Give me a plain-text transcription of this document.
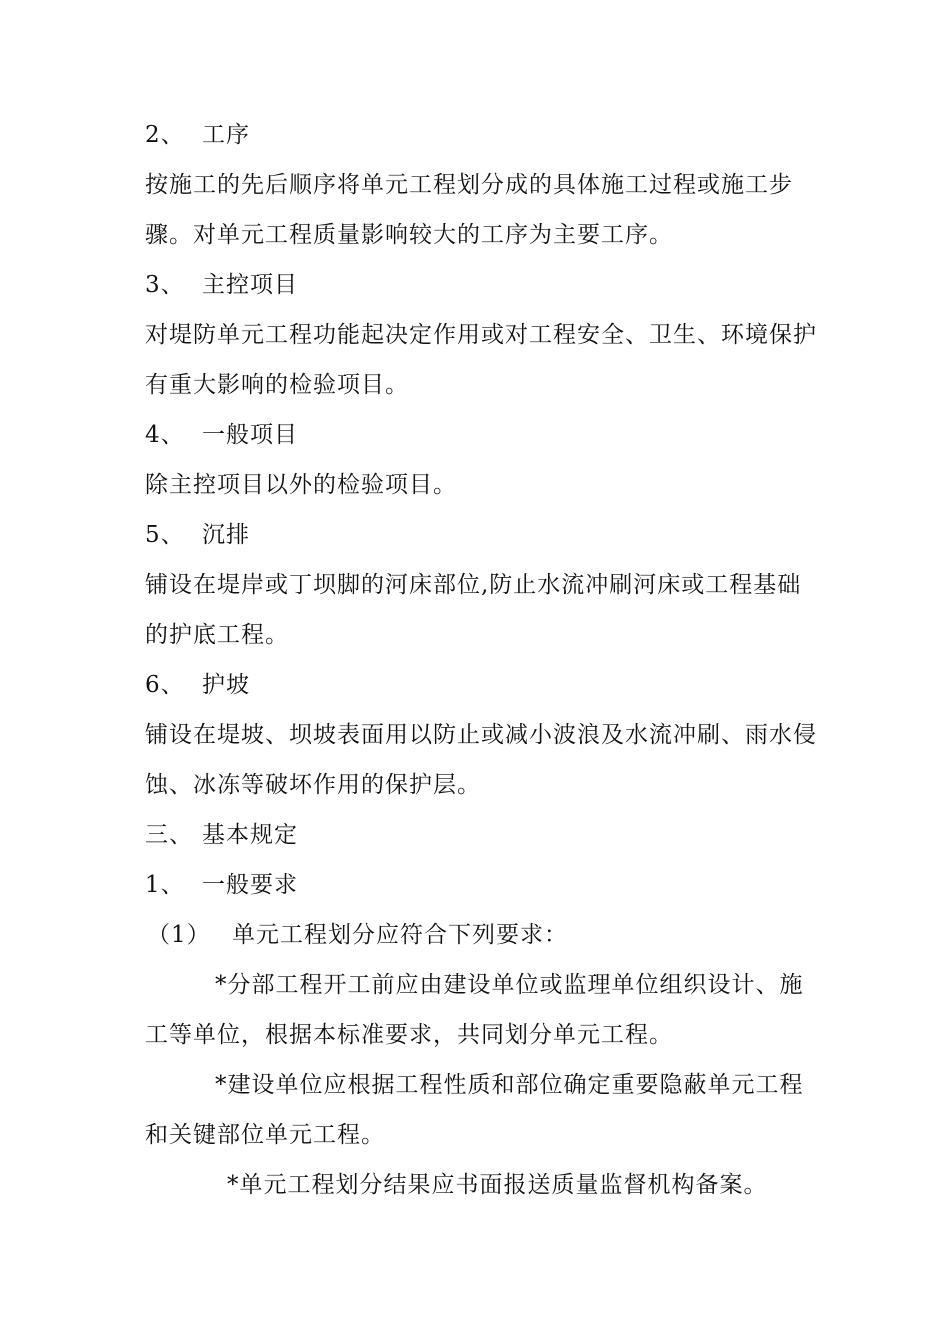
2、 工序
按施工的先后顺序将单元工程划分成的具体施工过程或施工步
骤。对单元工程质量影响较大的工序为主要工序。
3、 主控项目
对堤防单元工程功能起决定作用或对工程安全、卫生、环境保护
有重大影响的检验项目。
4、 一般项目
除主控项目以外的检验项目。
5、 沉排
铺设在堤岸或丁坝脚的河床部位,防止水流冲刷河床或工程基础
的护底工程。
6、 护坡
铺设在堤坡、坝坡表面用以防止或减小波浪及水流冲刷、雨水侵
蚀、冰冻等破坏作用的保护层。
三、 基本规定
1、 一般要求
（1） 单元工程划分应符合下列要求：
*分部工程开工前应由建设单位或监理单位组织设计、施
工等单位，根据本标准要求，共同划分单元工程。
*建设单位应根据工程性质和部位确定重要隐蔽单元工程
和关键部位单元工程。
*单元工程划分结果应书面报送质量监督机构备案。
